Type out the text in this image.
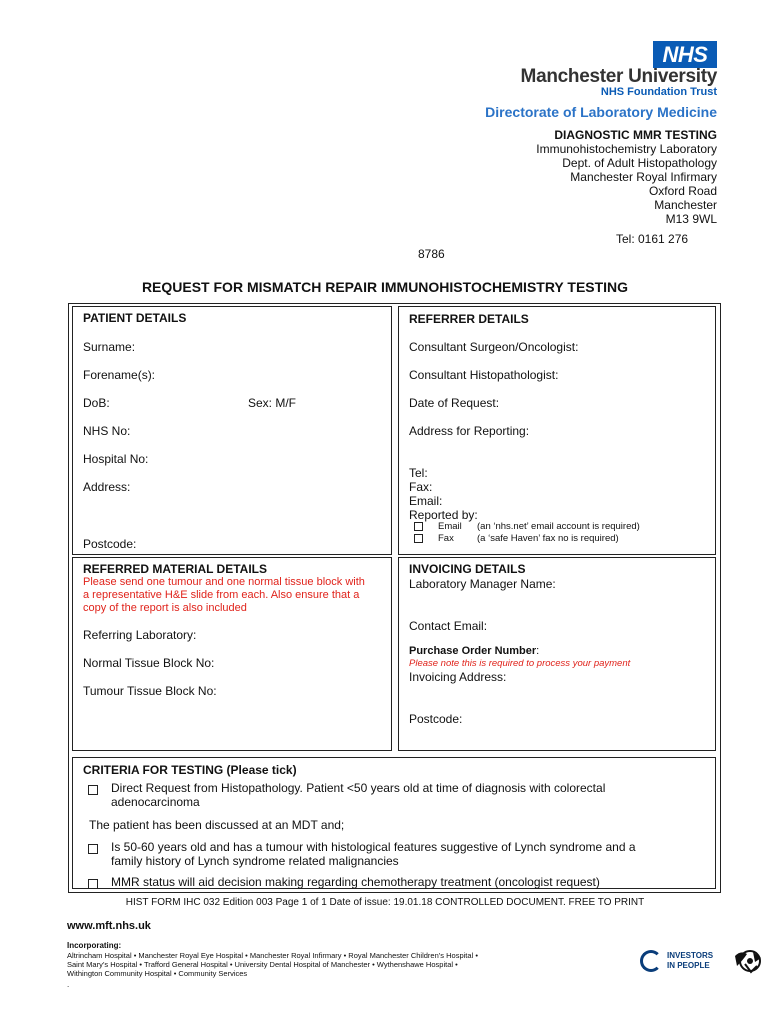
NHS
Manchester University
NHS Foundation Trust
Directorate of Laboratory Medicine
DIAGNOSTIC MMR TESTING
Immunohistochemistry Laboratory
Dept. of Adult Histopathology
Manchester Royal Infirmary
Oxford Road
Manchester
M13 9WL
Tel: 0161 276
8786
REQUEST FOR MISMATCH REPAIR IMMUNOHISTOCHEMISTRY TESTING
PATIENT DETAILS
Surname:
Forename(s):
DoB:	Sex: M/F
NHS No:
Hospital No:
Address:
Postcode:
REFERRER DETAILS
Consultant Surgeon/Oncologist:
Consultant Histopathologist:
Date of Request:
Address for Reporting:
Tel:
Fax:
Email:
Reported by:
Email (an ‘nhs.net’ email account is required)
Fax (a ‘safe Haven’ fax no is required)
REFERRED MATERIAL DETAILS
Please send one tumour and one normal tissue block with
a representative H&E slide from each. Also ensure that a
copy of the report is also included
Referring Laboratory:
Normal Tissue Block No:
Tumour Tissue Block No:
INVOICING DETAILS
Laboratory Manager Name:
Contact Email:
Purchase Order Number:
Please note this is required to process your payment
Invoicing Address:
Postcode:
CRITERIA FOR TESTING (Please tick)
Direct Request from Histopathology. Patient <50 years old at time of diagnosis with colorectal
adenocarcinoma
The patient has been discussed at an MDT and;
Is 50-60 years old and has a tumour with histological features suggestive of Lynch syndrome and a
family history of Lynch syndrome related malignancies
MMR status will aid decision making regarding chemotherapy treatment (oncologist request)
HIST FORM IHC 032 Edition 003 Page 1 of 1 Date of issue: 19.01.18 CONTROLLED DOCUMENT. FREE TO PRINT
www.mft.nhs.uk
Incorporating:
Altrincham Hospital • Manchester Royal Eye Hospital • Manchester Royal Infirmary • Royal Manchester Children’s Hospital •
Saint Mary’s Hospital • Trafford General Hospital • University Dental Hospital of Manchester • Wythenshawe Hospital •
Withington Community Hospital • Community Services
.
INVESTORS
IN PEOPLE
